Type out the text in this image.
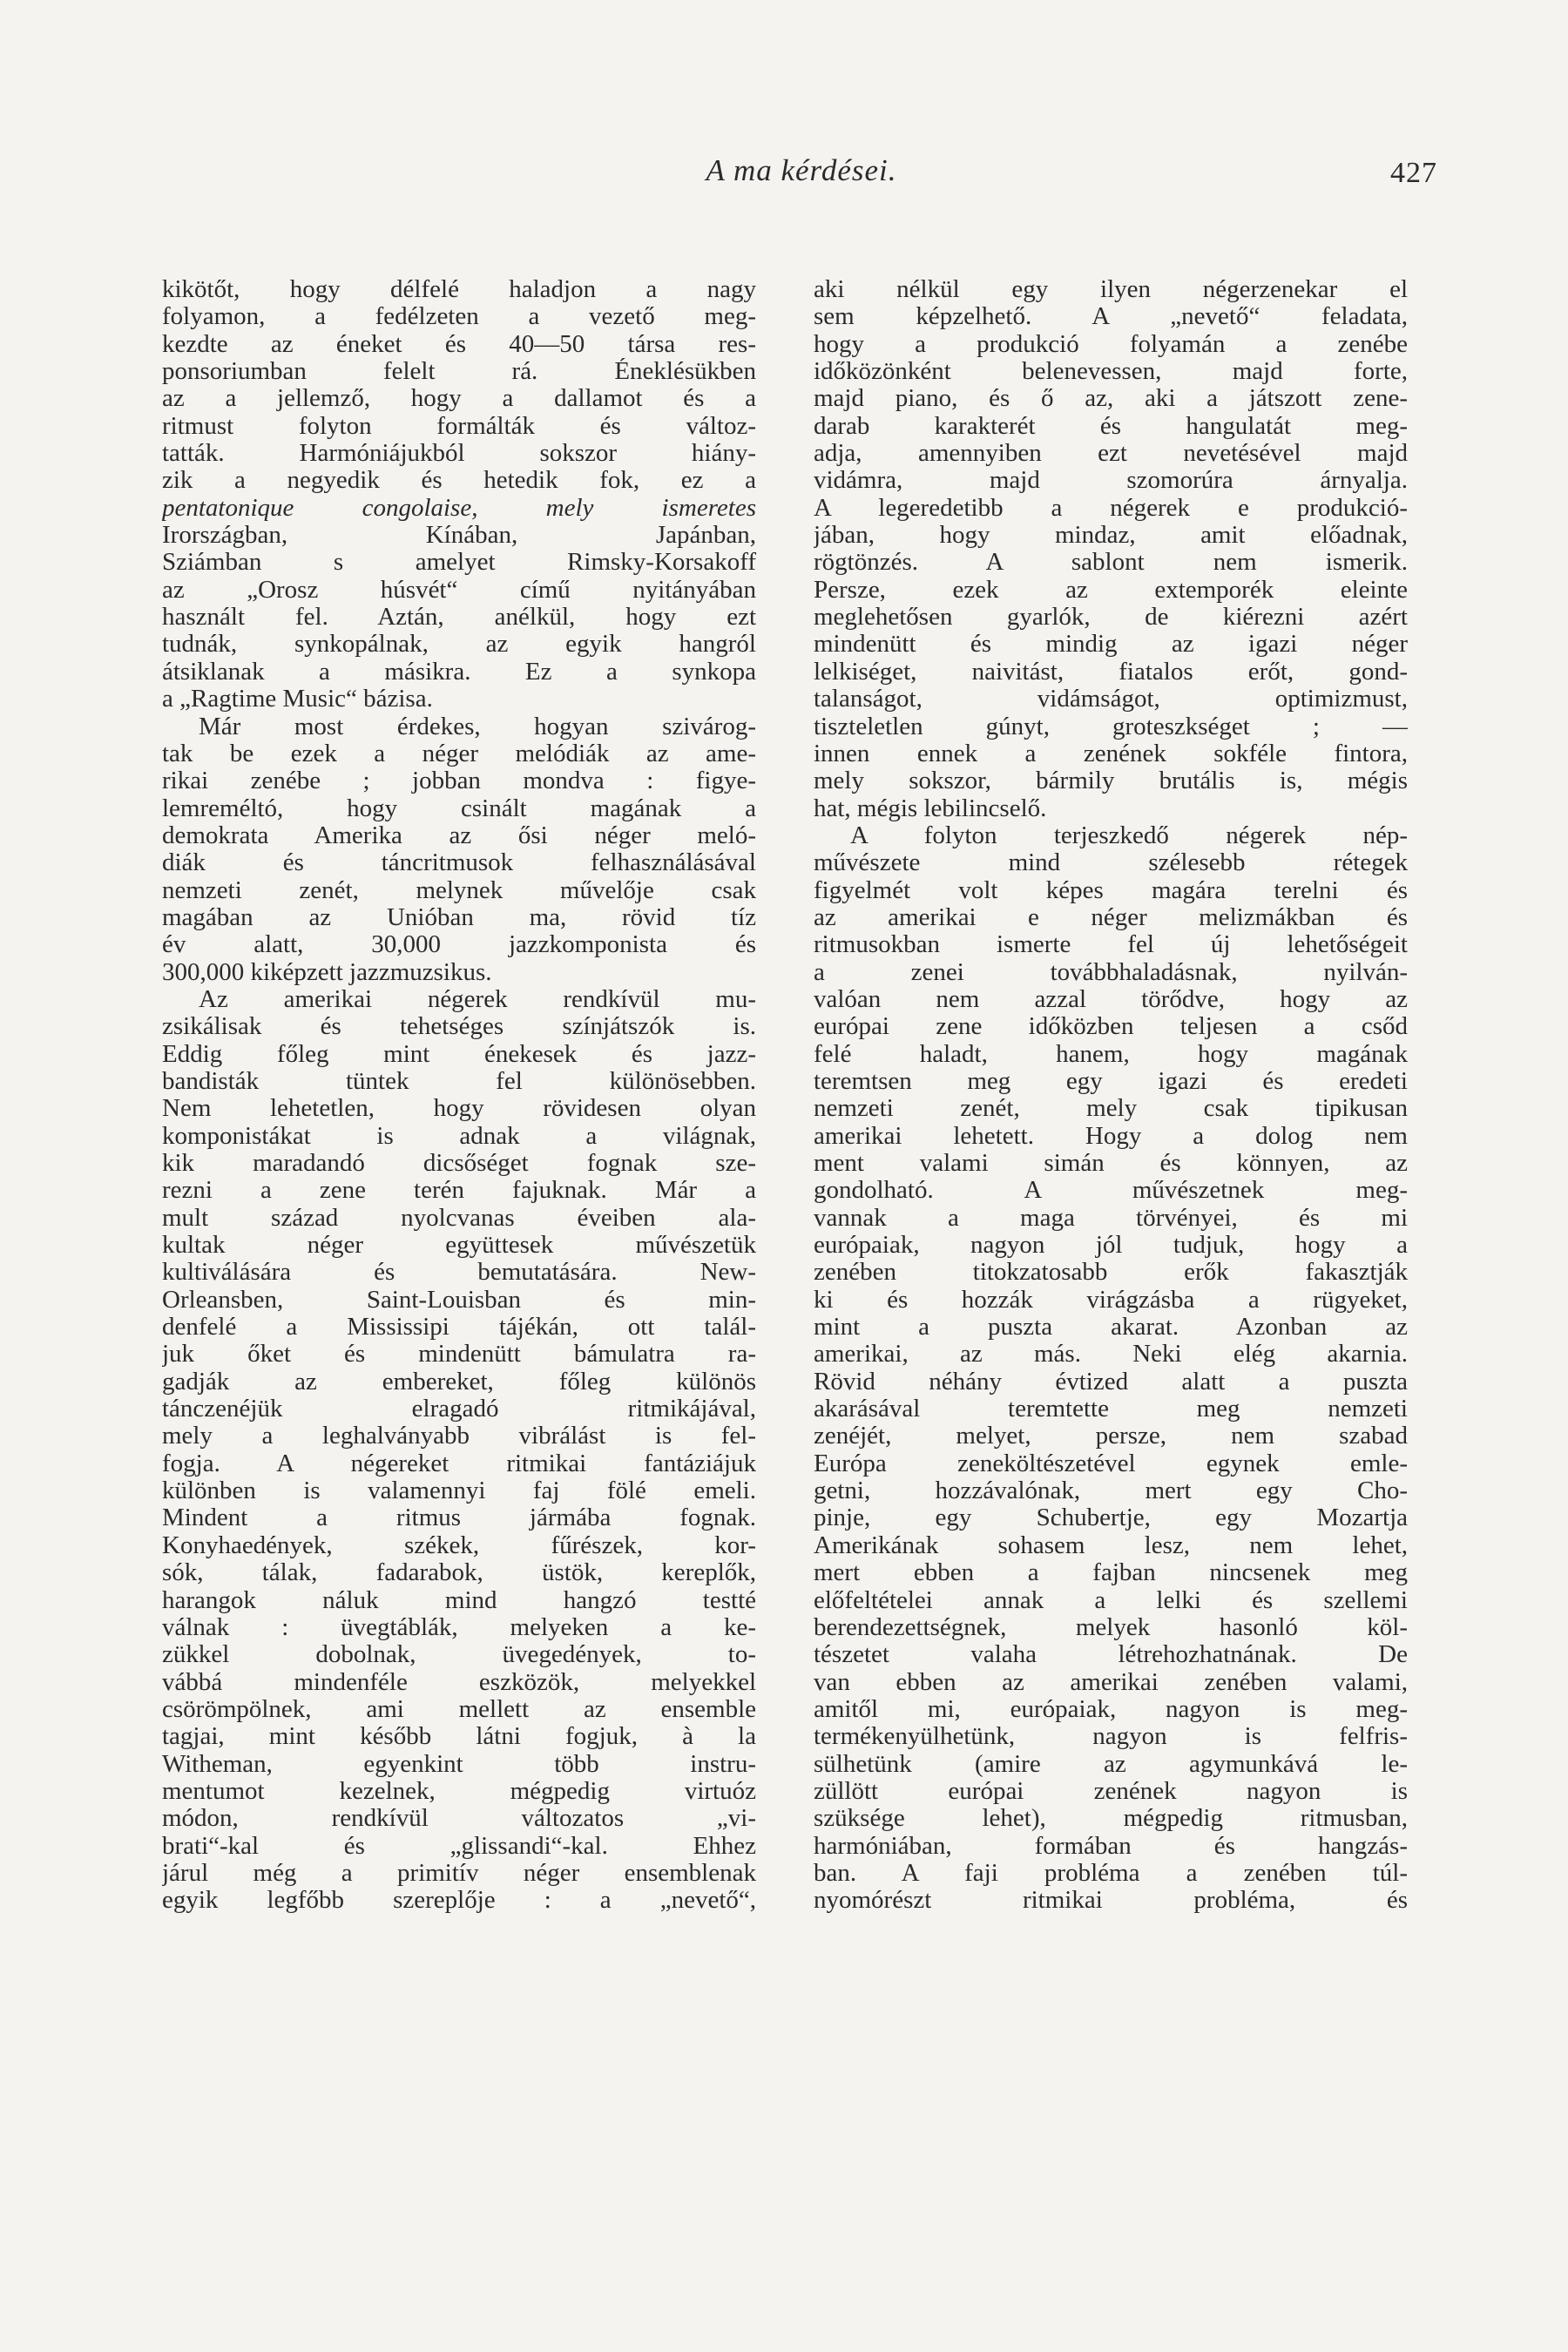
A ma kérdései.	427
kikötőt, hogy délfelé haladjon a nagy
folyamon, a fedélzeten a vezető meg-
kezdte az éneket és 40—50 társa res-
ponsoriumban felelt rá. Éneklésükben
az a jellemző, hogy a dallamot és a
ritmust folyton formálták és változ-
tatták. Harmóniájukból sokszor hiány-
zik a negyedik és hetedik fok, ez a
pentatonique congolaise, mely ismeretes
Irországban, Kínában, Japánban,
Sziámban s amelyet Rimsky-Korsakoff
az „Orosz húsvét“ című nyitányában
használt fel. Aztán, anélkül, hogy ezt
tudnák, synkopálnak, az egyik hangról
átsiklanak a másikra. Ez a synkopa
a „Ragtime Music“ bázisa.
Már most érdekes, hogyan szivárog-
tak be ezek a néger melódiák az ame-
rikai zenébe ; jobban mondva : figye-
lemreméltó, hogy csinált magának a
demokrata Amerika az ősi néger meló-
diák és táncritmusok felhasználásával
nemzeti zenét, melynek művelője csak
magában az Unióban ma, rövid tíz
év alatt, 30,000 jazzkomponista és
300,000 kiképzett jazzmuzsikus.
Az amerikai négerek rendkívül mu-
zsikálisak és tehetséges színjátszók is.
Eddig főleg mint énekesek és jazz-
bandisták tüntek fel különösebben.
Nem lehetetlen, hogy rövidesen olyan
komponistákat is adnak a világnak,
kik maradandó dicsőséget fognak sze-
rezni a zene terén fajuknak. Már a
mult század nyolcvanas éveiben ala-
kultak néger együttesek művészetük
kultiválására és bemutatására. New-
Orleansben, Saint-Louisban és min-
denfelé a Mississipi tájékán, ott talál-
juk őket és mindenütt bámulatra ra-
gadják az embereket, főleg különös
tánczenéjük elragadó ritmikájával,
mely a leghalványabb vibrálást is fel-
fogja. A négereket ritmikai fantáziájuk
különben is valamennyi faj fölé emeli.
Mindent a ritmus jármába fognak.
Konyhaedények, székek, fűrészek, kor-
sók, tálak, fadarabok, üstök, kereplők,
harangok náluk mind hangzó testté
válnak : üvegtáblák, melyeken a ke-
zükkel dobolnak, üvegedények, to-
vábbá mindenféle eszközök, melyekkel
csörömpölnek, ami mellett az ensemble
tagjai, mint később látni fogjuk, à la
Witheman, egyenkint több instru-
mentumot kezelnek, mégpedig virtuóz
módon, rendkívül változatos „vi-
brati“-kal és „glissandi“-kal. Ehhez
járul még a primitív néger ensemblenak
egyik legfőbb szereplője : a „nevető“,
aki nélkül egy ilyen négerzenekar el
sem képzelhető. A „nevető“ feladata,
hogy a produkció folyamán a zenébe
időközönként belenevessen, majd forte,
majd piano, és ő az, aki a játszott zene-
darab karakterét és hangulatát meg-
adja, amennyiben ezt nevetésével majd
vidámra, majd szomorúra árnyalja.
A legeredetibb a négerek e produkció-
jában, hogy mindaz, amit előadnak,
rögtönzés. A sablont nem ismerik.
Persze, ezek az extemporék eleinte
meglehetősen gyarlók, de kiérezni azért
mindenütt és mindig az igazi néger
lelkiséget, naivitást, fiatalos erőt, gond-
talanságot, vidámságot, optimizmust,
tiszteletlen gúnyt, groteszkséget ; —
innen ennek a zenének sokféle fintora,
mely sokszor, bármily brutális is, mégis
hat, mégis lebilincselő.
A folyton terjeszkedő négerek nép-
művészete mind szélesebb rétegek
figyelmét volt képes magára terelni és
az amerikai e néger melizmákban és
ritmusokban ismerte fel új lehetőségeit
a zenei továbbhaladásnak, nyilván-
valóan nem azzal törődve, hogy az
európai zene időközben teljesen a csőd
felé haladt, hanem, hogy magának
teremtsen meg egy igazi és eredeti
nemzeti zenét, mely csak tipikusan
amerikai lehetett. Hogy a dolog nem
ment valami simán és könnyen, az
gondolható. A művészetnek meg-
vannak a maga törvényei, és mi
európaiak, nagyon jól tudjuk, hogy a
zenében titokzatosabb erők fakasztják
ki és hozzák virágzásba a rügyeket,
mint a puszta akarat. Azonban az
amerikai, az más. Neki elég akarnia.
Rövid néhány évtized alatt a puszta
akarásával teremtette meg nemzeti
zenéjét, melyet, persze, nem szabad
Európa zeneköltészetével egynek emle-
getni, hozzávalónak, mert egy Cho-
pinje, egy Schubertje, egy Mozartja
Amerikának sohasem lesz, nem lehet,
mert ebben a fajban nincsenek meg
előfeltételei annak a lelki és szellemi
berendezettségnek, melyek hasonló köl-
tészetet valaha létrehozhatnának. De
van ebben az amerikai zenében valami,
amitől mi, európaiak, nagyon is meg-
termékenyülhetünk, nagyon is felfris-
sülhetünk (amire az agymunkává le-
züllött európai zenének nagyon is
szüksége lehet), mégpedig ritmusban,
harmóniában, formában és hangzás-
ban. A faji probléma a zenében túl-
nyomórészt ritmikai probléma, és
